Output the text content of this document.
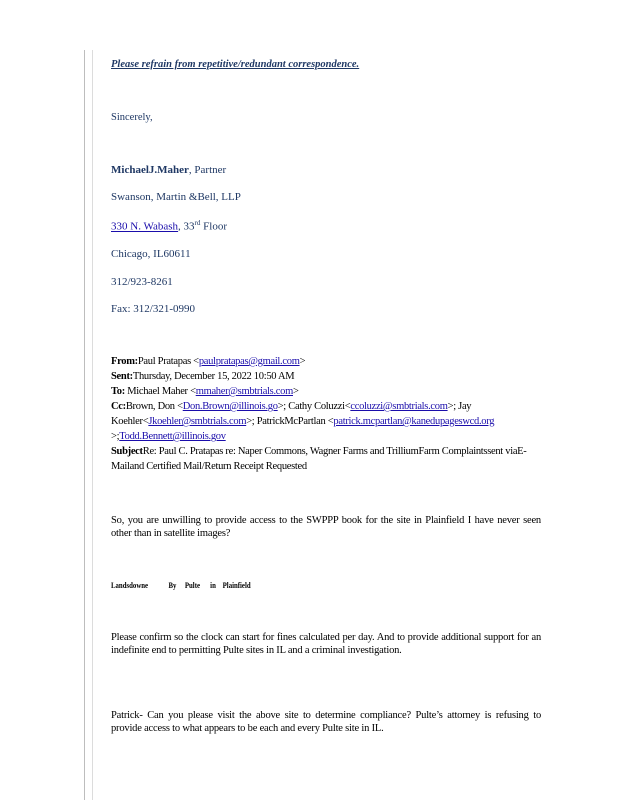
Please refrain from repetitive/redundant correspondence.

Sincerely,

MichaelJ.Maher, Partner

Swanson, Martin &Bell, LLP

330 N. Wabash, 33rd Floor

Chicago, IL60611

312/923-8261

Fax: 312/321-0990

From:Paul Pratapas <paulpratapas@gmail.com>
Sent:Thursday, December 15, 2022 10:50 AM
To: Michael Maher <mmaher@smbtrials.com>
Cc:Brown, Don <Don.Brown@illinois.go>; Cathy Coluzzi<ccoluzzi@smbtrials.com>; Jay Koehler<Jkoehler@smbtrials.com>; PatrickMcPartlan <patrick.mcpartlan@kanedupageswcd.org >;Todd.Bennett@illinois.gov
SubjectRe: Paul C. Pratapas re: Naper Commons, Wagner Farms and TrilliumFarm Complaintssent viaE-Mailand Certified Mail/Return Receipt Requested

So, you are unwilling to provide access to the SWPPP book for the site in Plainfield I have never seen other than in satellite images?

Landsdowne            By     Pulte      in    Plainfield

Please confirm so the clock can start for fines calculated per day. And to provide additional support for an indefinite end to permitting Pulte sites in IL and a criminal investigation.

Patrick- Can you please visit the above site to determine compliance? Pulte’s attorney is refusing to provide access to what appears to be each and every Pulte site in IL.
